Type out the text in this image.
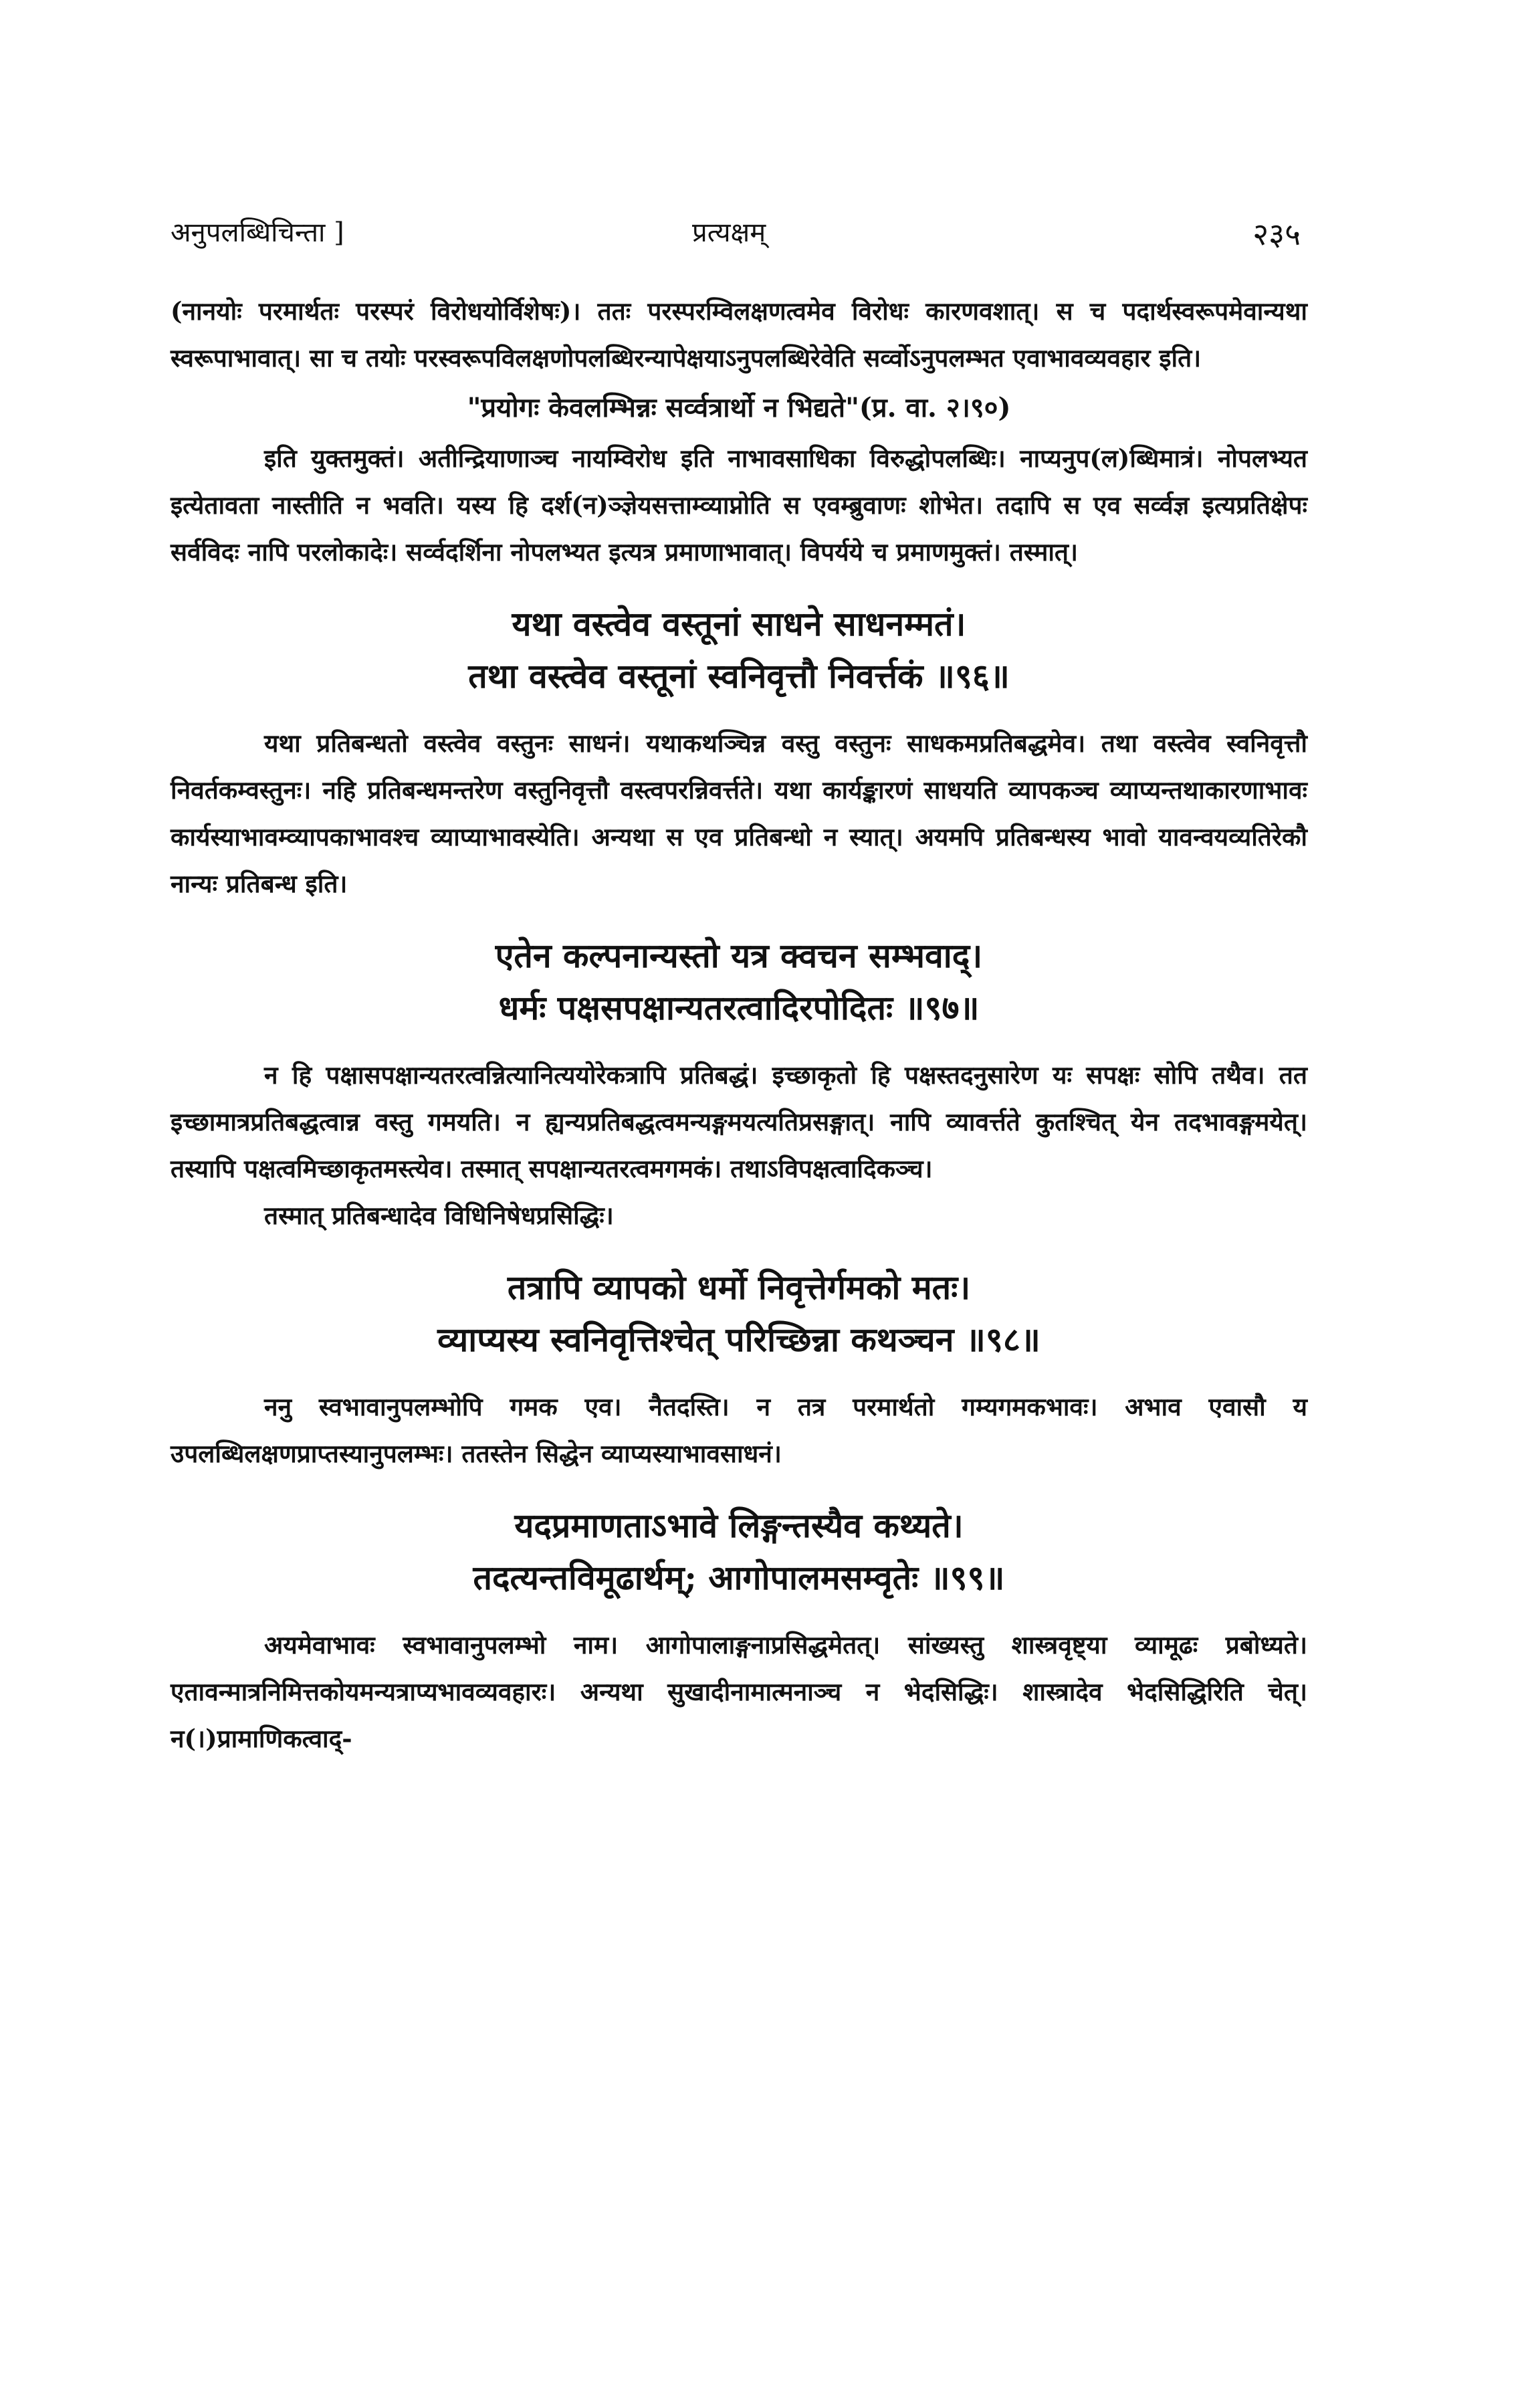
अनुपलब्धिचिन्ता ]	प्रत्यक्षम्	२३५

(नानयोः परमार्थतः परस्परं विरोधयोर्विशेषः)। ततः परस्परम्विलक्षणत्वमेव विरोधः कारणवशात्। स च पदार्थस्वरूपमेवान्यथा स्वरूपाभावात्। सा च तयोः परस्वरूपविलक्षणोपलब्धिरन्यापेक्षयाऽनुपलब्धिरेवेति सर्व्वोऽनुपलम्भत एवाभावव्यवहार इति।

"प्रयोगः केवलम्भिन्नः सर्व्वत्रार्थो न भिद्यते"(प्र. वा. २।९०)

इति युक्तमुक्तं। अतीन्द्रियाणाञ्च नायम्विरोध इति नाभावसाधिका विरुद्धोपलब्धिः। नाप्यनुप(ल)ब्धिमात्रं। नोपलभ्यत इत्येतावता नास्तीति न भवति। यस्य हि दर्श(न)ञ्ज्ञेयसत्ताम्व्याप्नोति स एवम्ब्रुवाणः शोभेत। तदापि स एव सर्व्वज्ञ इत्यप्रतिक्षेपः सर्वविदः नापि परलोकादेः। सर्व्वदर्शिना नोपलभ्यत इत्यत्र प्रमाणाभावात्। विपर्यये च प्रमाणमुक्तं। तस्मात्।

यथा वस्त्वेव वस्तूनां साधने साधनम्मतं।
तथा वस्त्वेव वस्तूनां स्वनिवृत्तौ निवर्त्तकं ॥९६॥

यथा प्रतिबन्धतो वस्त्वेव वस्तुनः साधनं। यथाकथञ्चिन्न वस्तु वस्तुनः साधकमप्रतिबद्धमेव। तथा वस्त्वेव स्वनिवृत्तौ निवर्तकम्वस्तुनः। नहि प्रतिबन्धमन्तरेण वस्तुनिवृत्तौ वस्त्वपरन्निवर्त्तते। यथा कार्यङ्कारणं साधयति व्यापकञ्च व्याप्यन्तथाकारणाभावः कार्यस्याभावम्व्यापकाभावश्च व्याप्याभावस्येति। अन्यथा स एव प्रतिबन्धो न स्यात्। अयमपि प्रतिबन्धस्य भावो यावन्वयव्यतिरेकौ नान्यः प्रतिबन्ध इति।

एतेन कल्पनान्यस्तो यत्र क्वचन सम्भवाद्।
धर्मः पक्षसपक्षान्यतरत्वादिरपोदितः ॥९७॥

न हि पक्षासपक्षान्यतरत्वन्नित्यानित्ययोरेकत्रापि प्रतिबद्धं। इच्छाकृतो हि पक्षस्तदनुसारेण यः सपक्षः सोपि तथैव। तत इच्छामात्रप्रतिबद्धत्वान्न वस्तु गमयति। न ह्यन्यप्रतिबद्धत्वमन्यङ्गमयत्यतिप्रसङ्गात्। नापि व्यावर्त्तते कुतश्चित् येन तदभावङ्गमयेत्। तस्यापि पक्षत्वमिच्छाकृतमस्त्येव। तस्मात् सपक्षान्यतरत्वमगमकं। तथाऽविपक्षत्वादिकञ्च।

तस्मात् प्रतिबन्धादेव विधिनिषेधप्रसिद्धिः।

तत्रापि व्यापको धर्मो निवृत्तेर्गमको मतः।
व्याप्यस्य स्वनिवृत्तिश्चेत् परिच्छिन्ना कथञ्चन ॥९८॥

ननु स्वभावानुपलम्भोपि गमक एव। नैतदस्ति। न तत्र परमार्थतो गम्यगमकभावः। अभाव एवासौ य उपलब्धिलक्षणप्राप्तस्यानुपलम्भः। ततस्तेन सिद्धेन व्याप्यस्याभावसाधनं।

यदप्रमाणताऽभावे लिङ्गन्तस्यैव कथ्यते।
तदत्यन्तविमूढार्थम्; आगोपालमसम्वृतेः ॥९९॥

अयमेवाभावः स्वभावानुपलम्भो नाम। आगोपालाङ्गनाप्रसिद्धमेतत्। सांख्यस्तु शास्त्रवृष्ट्या व्यामूढः प्रबोध्यते। एतावन्मात्रनिमित्तकोयमन्यत्राप्यभावव्यवहारः। अन्यथा सुखादीनामात्मनाञ्च न भेदसिद्धिः। शास्त्रादेव भेदसिद्धिरिति चेत्। न(।)प्रामाणिकत्वाद्-
